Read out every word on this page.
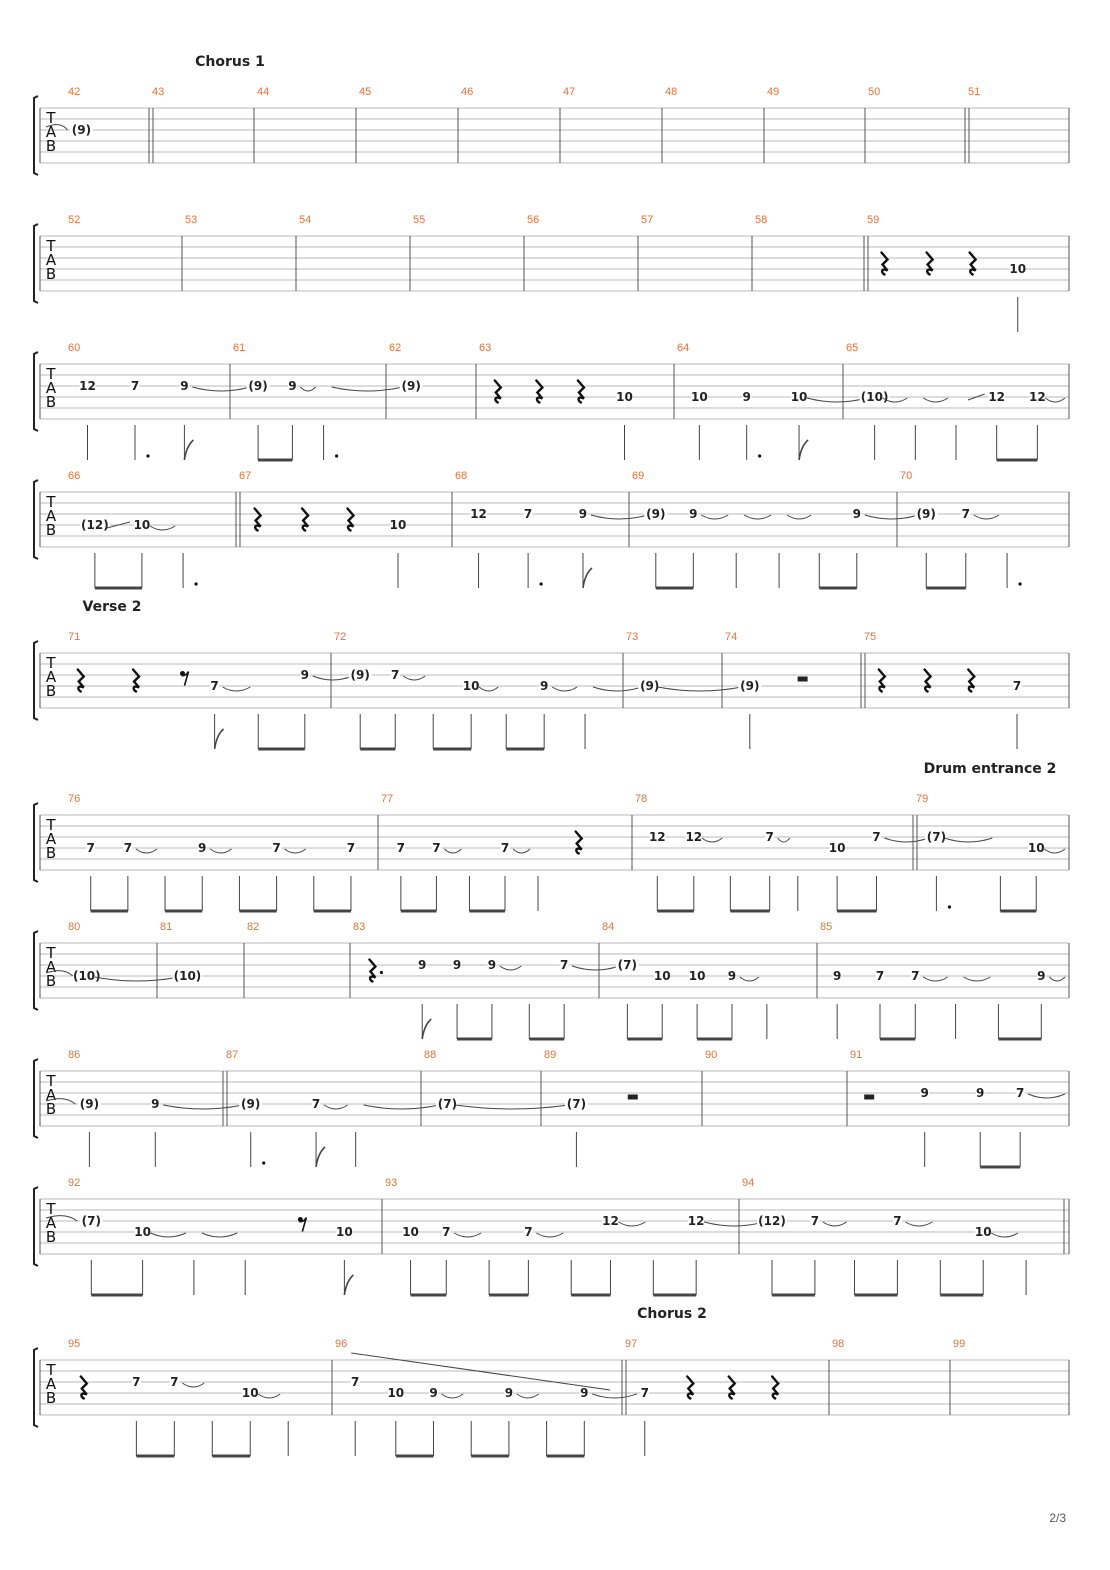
Chorus 1
T
A
B
42
(9)
43	44	45	46	47	48	49	50	51
T
A
B
52	53	54	55	56	57	58	59
10
T
A
B
60
12	7	9
61
(9) 9
62
(9)
63
10
64
10	9	10
65
(10)	12 12
T
A
B
66
(12) 10
67
10
68
12	7	9
69
(9) 9	9
70
(9) 7
Verse 2
T
A
B
71
7
9
72
(9) 7
10	9
73
(9)
74
(9)
75
7
Drum entrance 2
T
A
B
76
7 7	9	7	7
77
7 7	7
78
12 12	7
10
7
79
(7)
10
T
A
B
80
(10)
81
(10)
82	83
9 9 9	7
84
(7)
10 10 9
85
9	7 7	9
T
A
B
86
(9)	9
87
(9)	7
88
(7)
89
(7)
90	91
9	9	7
T
A
B
92
(7)
10	10
93
10 7	7
12	12
94
(12) 7	7
10
Chorus 2
T
A
B
95
7 7
10
96
7
10 9	9	9
97
7
98	99
2/3
